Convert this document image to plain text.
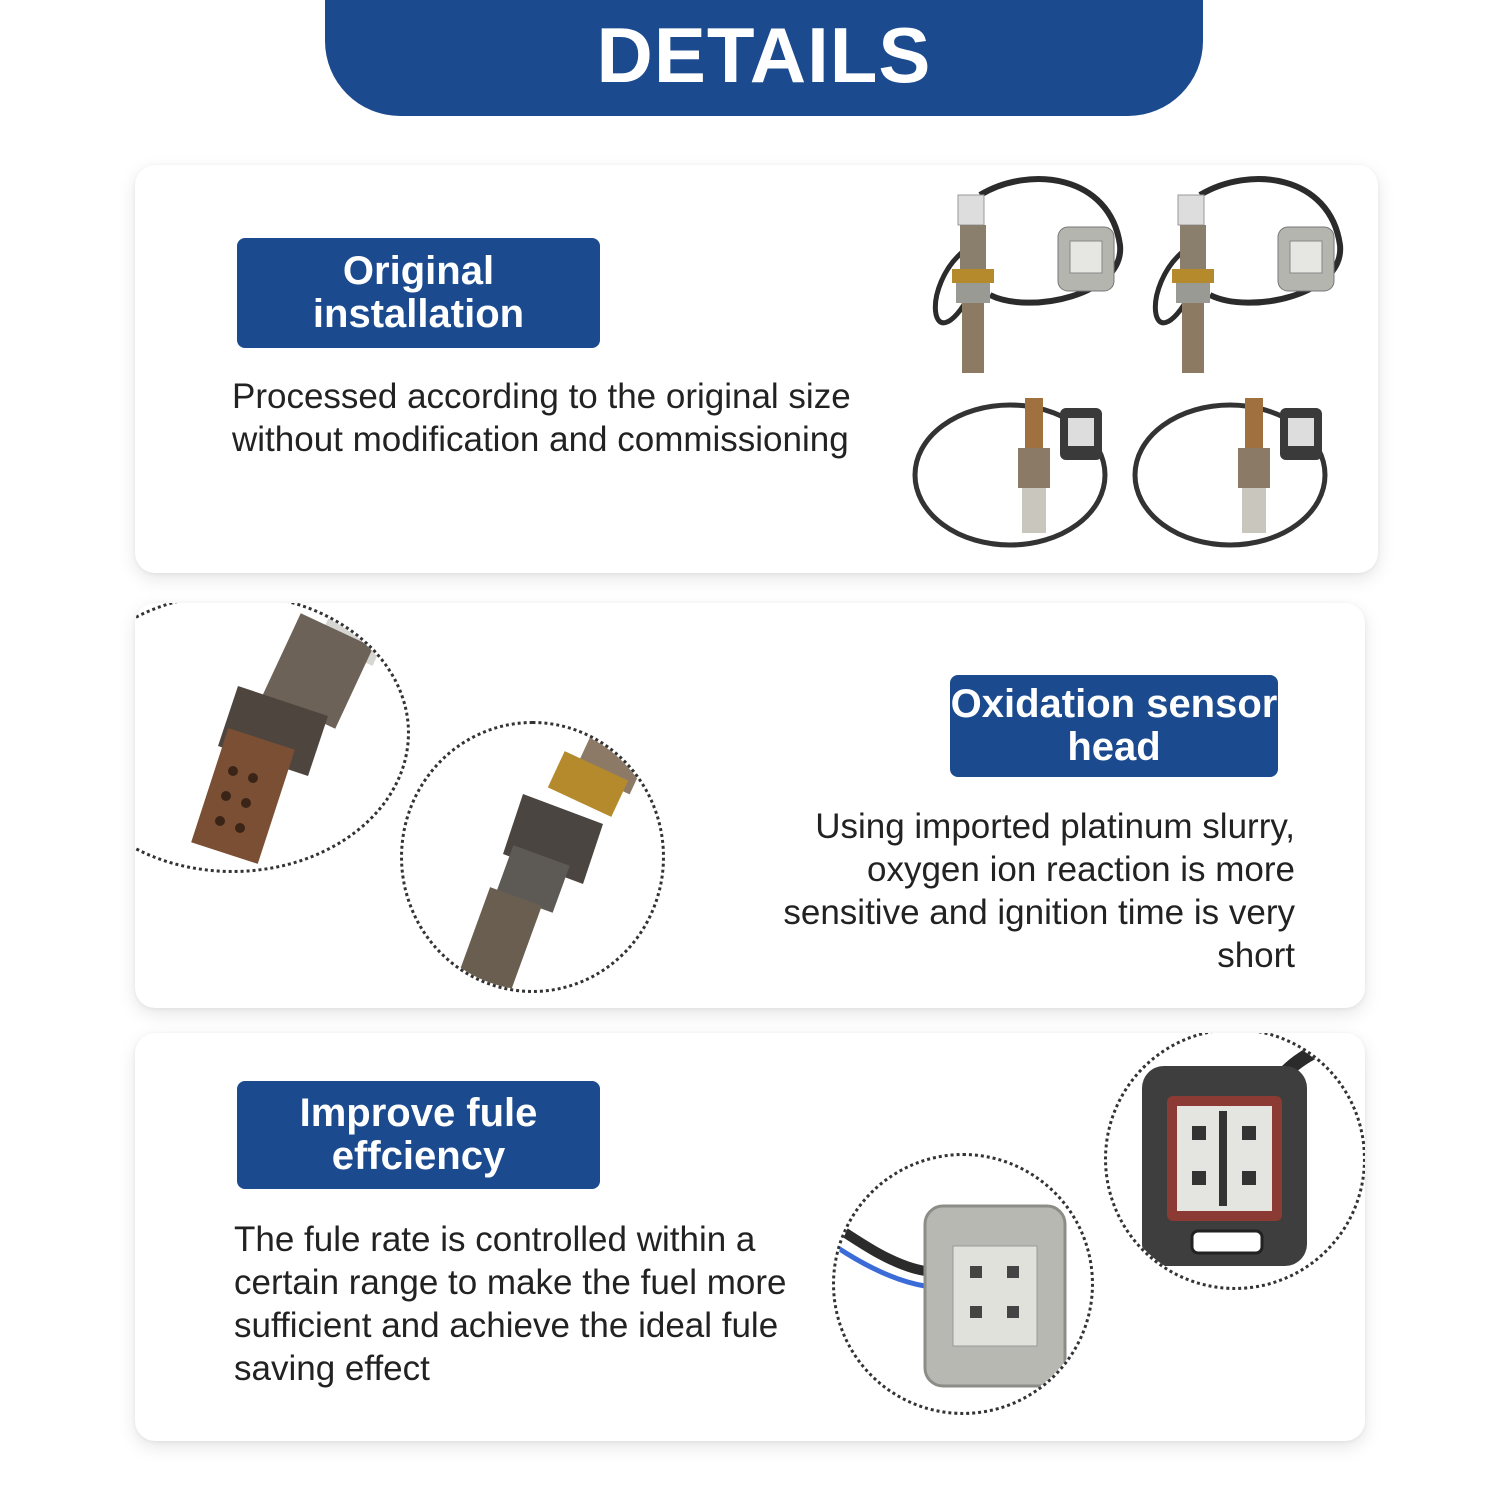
DETAILS
Original installation
Processed according to the original size without modification and commissioning
Oxidation sensor head
Using imported platinum slurry, oxygen ion reaction is more sensitive and ignition time is very short
Improve fule effciency
The fule rate is controlled within a certain range to make the fuel more sufficient and achieve the ideal fule saving effect
